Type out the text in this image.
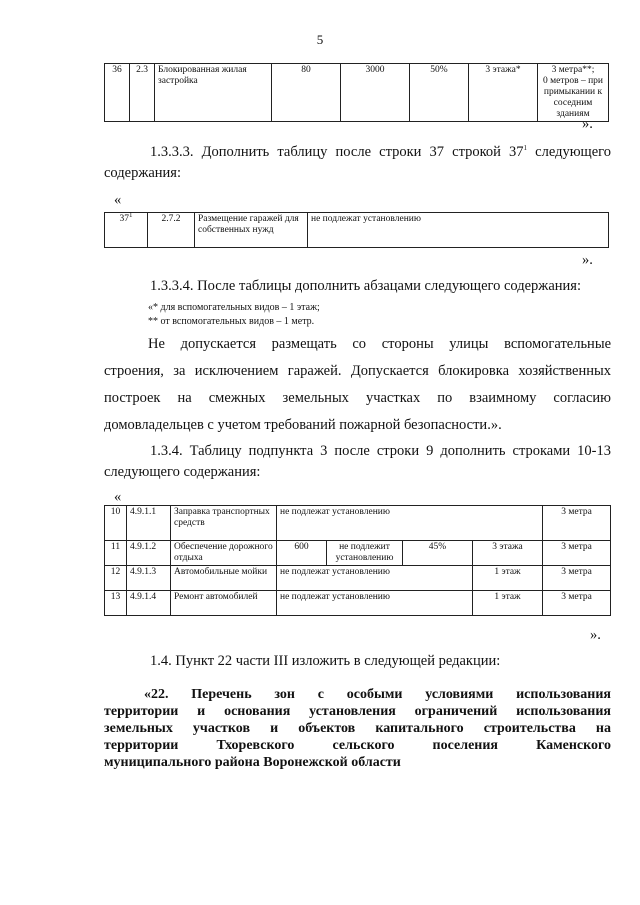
5
36	2.3	Блокированная жилая застройка	80	3000	50%	3 этажа*	3 метра**;
0 метров – при
примыкании к
соседним зданиям
».
1.3.3.3. Дополнить таблицу после строки 37 строкой $37^1$ следующего
содержания:
«
$37^1$	2.7.2	Размещение гаражей для собственных нужд	не подлежат установлению
».
1.3.3.4. После таблицы дополнить абзацами следующего содержания:
«* для вспомогательных видов – 1 этаж;
** от вспомогательных видов – 1 метр.
Не допускается размещать со стороны улицы вспомогательные
строения, за исключением гаражей. Допускается блокировка хозяйственных
построек на смежных земельных участках по взаимному согласию
домовладельцев с учетом требований пожарной безопасности.».
1.3.4. Таблицу подпункта 3 после строки 9 дополнить строками 10-13
следующего содержания:
«
10	4.9.1.1	Заправка транспортных средств	не подлежат установлению				3 метра
11	4.9.1.2	Обеспечение дорожного отдыха	600	не подлежит установлению	45%	3 этажа	3 метра
12	4.9.1.3	Автомобильные мойки	не подлежат установлению			1 этаж	3 метра
13	4.9.1.4	Ремонт автомобилей	не подлежат установлению			1 этаж	3 метра
».
1.4. Пункт 22 части III изложить в следующей редакции:
«22. Перечень зон с особыми условиями использования
территории и основания установления ограничений использования
земельных участков и объектов капитального строительства на
территории Тхоревского сельского поселения Каменского
муниципального района Воронежской области
